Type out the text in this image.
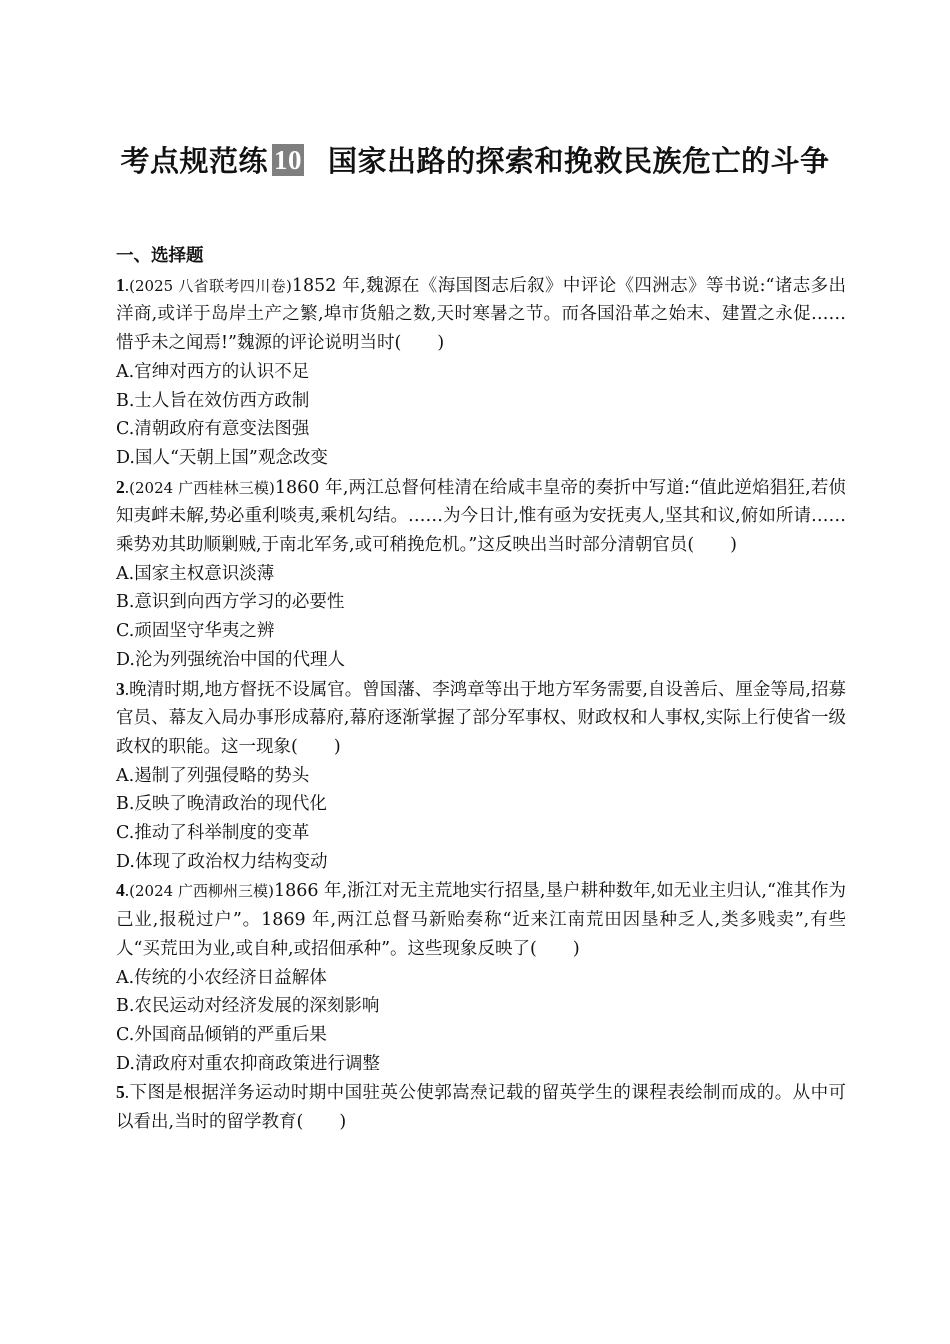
考点规范练 10 国家出路的探索和挽救民族危亡的斗争
一、选择题

1.(2025 八省联考四川卷)1852 年,魏源在《海国图志后叙》中评论《四洲志》等书说:“诸志多出洋商,或详于岛岸土产之繁,埠市货船之数,天时寒暑之节。而各国沿革之始末、建置之永促……惜乎未之闻焉!”魏源的评论说明当时( )

A.官绅对西方的认识不足

B.士人旨在效仿西方政制

C.清朝政府有意变法图强

D.国人“天朝上国”观念改变

2.(2024 广西桂林三模)1860 年,两江总督何桂清在给咸丰皇帝的奏折中写道:“值此逆焰猖狂,若侦知夷衅未解,势必重利啖夷,乘机勾结。……为今日计,惟有亟为安抚夷人,坚其和议,俯如所请……乘势劝其助顺剿贼,于南北军务,或可稍挽危机。”这反映出当时部分清朝官员( )

A.国家主权意识淡薄

B.意识到向西方学习的必要性

C.顽固坚守华夷之辨

D.沦为列强统治中国的代理人

3.晚清时期,地方督抚不设属官。曾国藩、李鸿章等出于地方军务需要,自设善后、厘金等局,招募官员、幕友入局办事形成幕府,幕府逐渐掌握了部分军事权、财政权和人事权,实际上行使省一级政权的职能。这一现象( )

A.遏制了列强侵略的势头

B.反映了晚清政治的现代化

C.推动了科举制度的变革

D.体现了政治权力结构变动

4.(2024 广西柳州三模)1866 年,浙江对无主荒地实行招垦,垦户耕种数年,如无业主归认,“准其作为己业,报税过户”。1869 年,两江总督马新贻奏称“近来江南荒田因垦种乏人,类多贱卖”,有些人“买荒田为业,或自种,或招佃承种”。这些现象反映了( )

A.传统的小农经济日益解体

B.农民运动对经济发展的深刻影响

C.外国商品倾销的严重后果

D.清政府对重农抑商政策进行调整

5.下图是根据洋务运动时期中国驻英公使郭嵩焘记载的留英学生的课程表绘制而成的。从中可以看出,当时的留学教育( )
